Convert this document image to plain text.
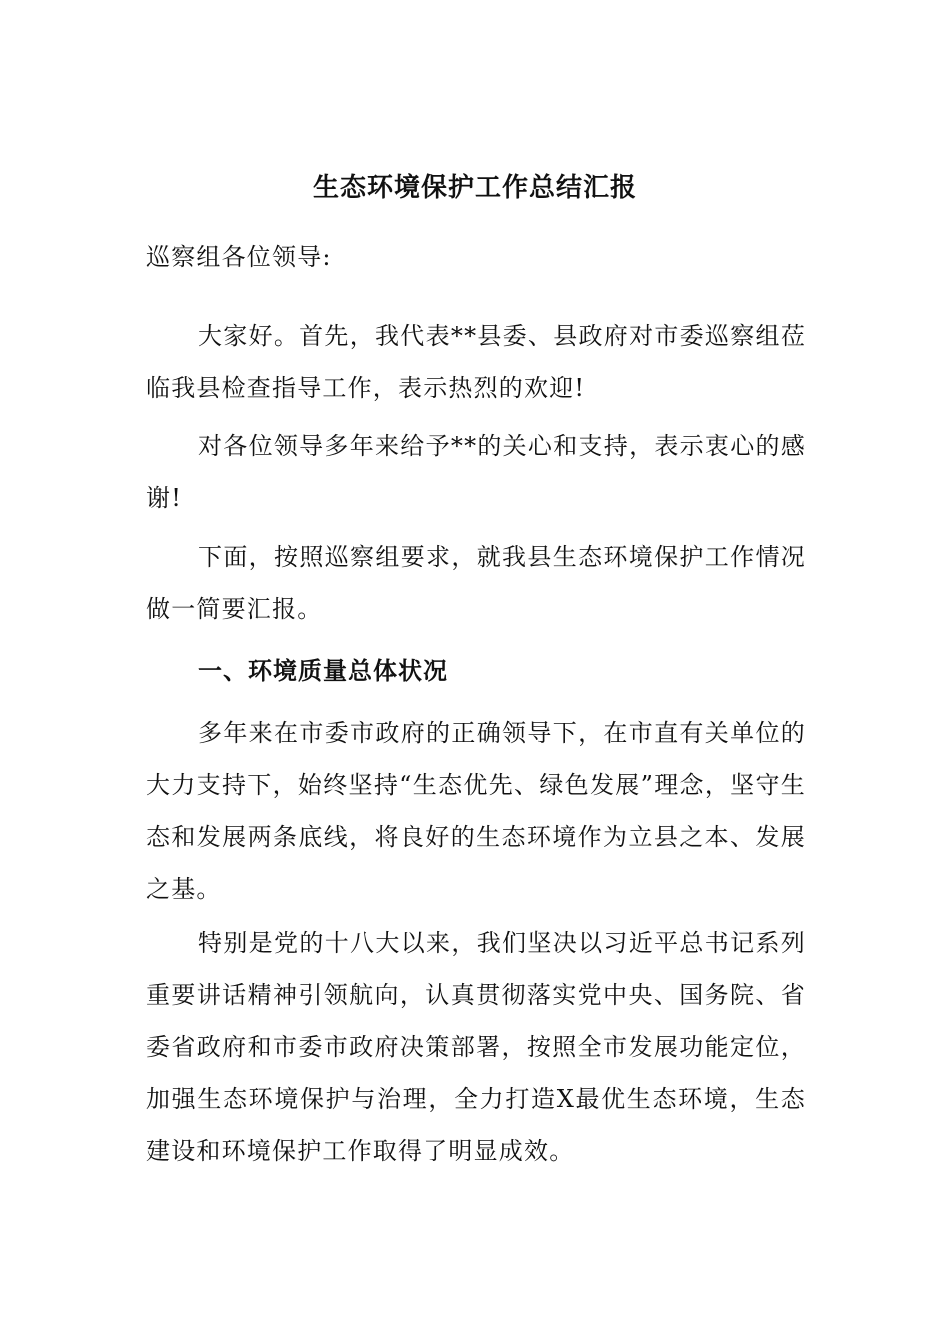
生态环境保护工作总结汇报

巡察组各位领导:

大家好。首先，我代表**县委、县政府对市委巡察组莅临我县检查指导工作，表示热烈的欢迎!

对各位领导多年来给予**的关心和支持，表示衷心的感谢!

下面，按照巡察组要求，就我县生态环境保护工作情况做一简要汇报。

一、环境质量总体状况

多年来在市委市政府的正确领导下，在市直有关单位的大力支持下，始终坚持“生态优先、绿色发展”理念，坚守生态和发展两条底线，将良好的生态环境作为立县之本、发展之基。

特别是党的十八大以来，我们坚决以习近平总书记系列重要讲话精神引领航向，认真贯彻落实党中央、国务院、省委省政府和市委市政府决策部署，按照全市发展功能定位，加强生态环境保护与治理，全力打造X最优生态环境，生态建设和环境保护工作取得了明显成效。
